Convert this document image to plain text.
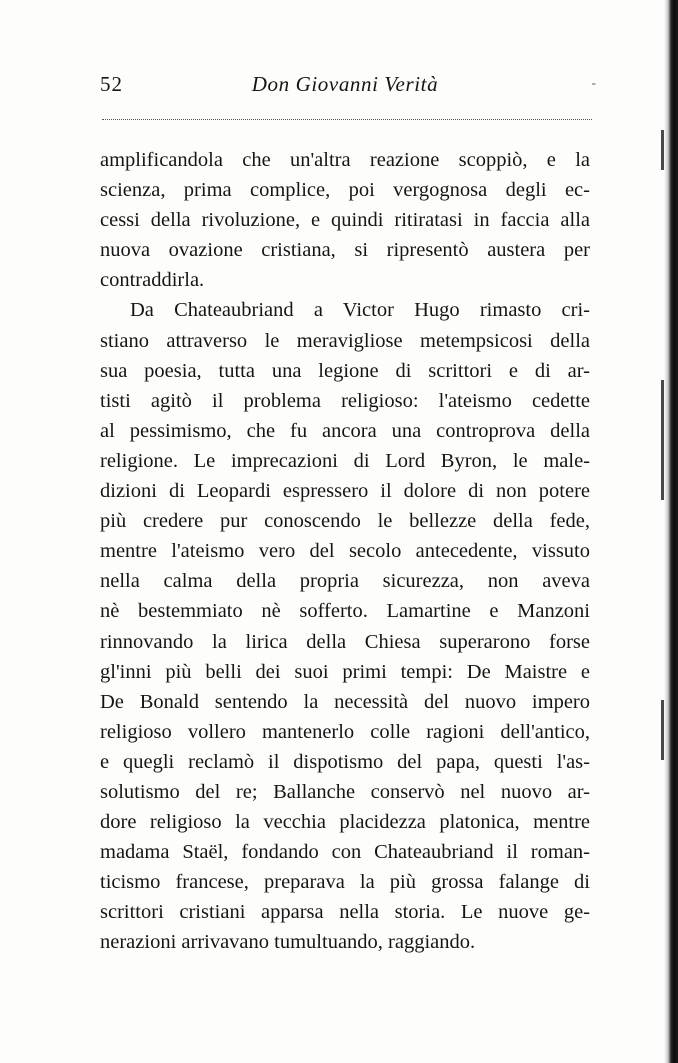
52	Don Giovanni Verità	-
amplificandola che un'altra reazione scoppiò, e la
scienza, prima complice, poi vergognosa degli ec-
cessi della rivoluzione, e quindi ritiratasi in faccia alla
nuova ovazione cristiana, si ripresentò austera per
contraddirla.
Da Chateaubriand a Victor Hugo rimasto cri-
stiano attraverso le meravigliose metempsicosi della
sua poesia, tutta una legione di scrittori e di ar-
tisti agitò il problema religioso: l'ateismo cedette
al pessimismo, che fu ancora una controprova della
religione. Le imprecazioni di Lord Byron, le male-
dizioni di Leopardi espressero il dolore di non potere
più credere pur conoscendo le bellezze della fede,
mentre l'ateismo vero del secolo antecedente, vissuto
nella calma della propria sicurezza, non aveva
nè bestemmiato nè sofferto. Lamartine e Manzoni
rinnovando la lirica della Chiesa superarono forse
gl'inni più belli dei suoi primi tempi: De Maistre e
De Bonald sentendo la necessità del nuovo impero
religioso vollero mantenerlo colle ragioni dell'antico,
e quegli reclamò il dispotismo del papa, questi l'as-
solutismo del re; Ballanche conservò nel nuovo ar-
dore religioso la vecchia placidezza platonica, mentre
madama Staël, fondando con Chateaubriand il roman-
ticismo francese, preparava la più grossa falange di
scrittori cristiani apparsa nella storia. Le nuove ge-
nerazioni arrivavano tumultuando, raggiando.
